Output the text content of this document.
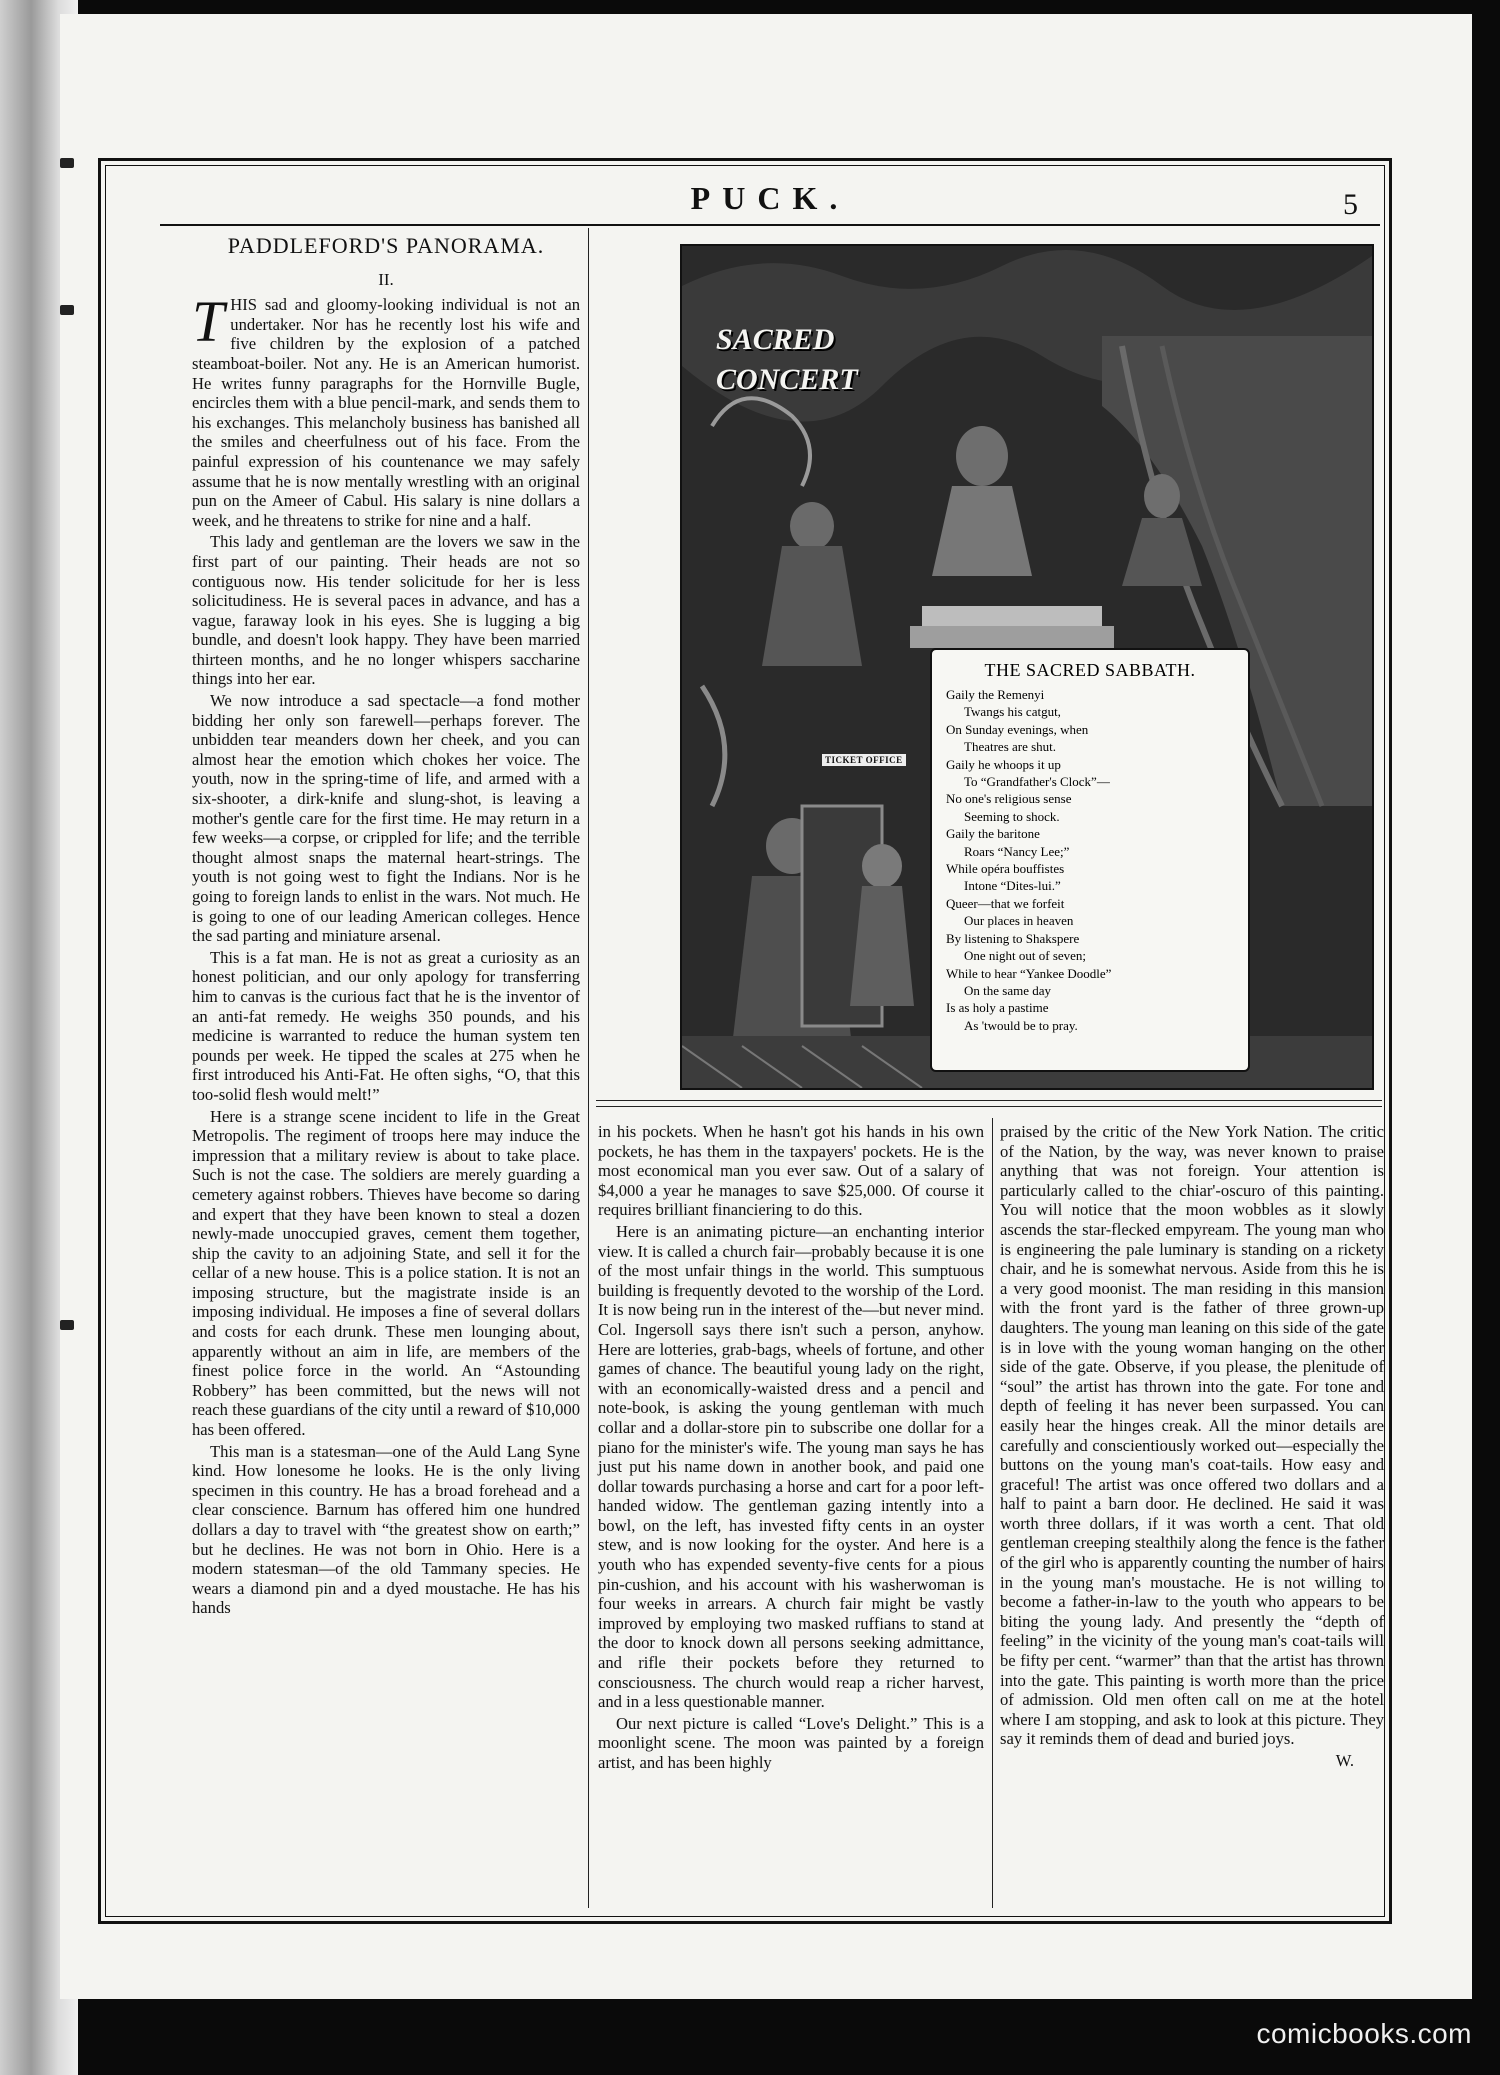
PUCK.	5
PADDLEFORD'S PANORAMA.
II.

THIS sad and gloomy-looking individual is not an undertaker. Nor has he recently lost his wife and five children by the explosion of a patched steamboat-boiler. Not any. He is an American humorist. He writes funny paragraphs for the Hornville Bugle, encircles them with a blue pencil-mark, and sends them to his exchanges. This melancholy business has banished all the smiles and cheerfulness out of his face. From the painful expression of his countenance we may safely assume that he is now mentally wrestling with an original pun on the Ameer of Cabul. His salary is nine dollars a week, and he threatens to strike for nine and a half.

This lady and gentleman are the lovers we saw in the first part of our painting. Their heads are not so contiguous now. His tender solicitude for her is less solicitudiness. He is several paces in advance, and has a vague, faraway look in his eyes. She is lugging a big bundle, and doesn't look happy. They have been married thirteen months, and he no longer whispers saccharine things into her ear.

We now introduce a sad spectacle—a fond mother bidding her only son farewell—perhaps forever. The unbidden tear meanders down her cheek, and you can almost hear the emotion which chokes her voice. The youth, now in the spring-time of life, and armed with a six-shooter, a dirk-knife and slung-shot, is leaving a mother's gentle care for the first time. He may return in a few weeks—a corpse, or crippled for life; and the terrible thought almost snaps the maternal heart-strings. The youth is not going west to fight the Indians. Nor is he going to foreign lands to enlist in the wars. Not much. He is going to one of our leading American colleges. Hence the sad parting and miniature arsenal.

This is a fat man. He is not as great a curiosity as an honest politician, and our only apology for transferring him to canvas is the curious fact that he is the inventor of an anti-fat remedy. He weighs 350 pounds, and his medicine is warranted to reduce the human system ten pounds per week. He tipped the scales at 275 when he first introduced his Anti-Fat. He often sighs, “O, that this too-solid flesh would melt!”

Here is a strange scene incident to life in the Great Metropolis. The regiment of troops here may induce the impression that a military review is about to take place. Such is not the case. The soldiers are merely guarding a cemetery against robbers. Thieves have become so daring and expert that they have been known to steal a dozen newly-made unoccupied graves, cement them together, ship the cavity to an adjoining State, and sell it for the cellar of a new house. This is a police station. It is not an imposing structure, but the magistrate inside is an imposing individual. He imposes a fine of several dollars and costs for each drunk. These men lounging about, apparently without an aim in life, are members of the finest police force in the world. An “Astounding Robbery” has been committed, but the news will not reach these guardians of the city until a reward of $10,000 has been offered.

This man is a statesman—one of the Auld Lang Syne kind. How lonesome he looks. He is the only living specimen in this country. He has a broad forehead and a clear conscience. Barnum has offered him one hundred dollars a day to travel with “the greatest show on earth;” but he declines. He was not born in Ohio. Here is a modern statesman—of the old Tammany species. He wears a diamond pin and a dyed moustache. He has his hands

SACRED
CONCERT
TICKET OFFICE
THE SACRED SABBATH.
Gaily the Remenyi
Twangs his catgut,
On Sunday evenings, when
Theatres are shut.
Gaily he whoops it up
To “Grandfather's Clock”—
No one's religious sense
Seeming to shock.
Gaily the baritone
Roars “Nancy Lee;”
While opéra bouffistes
Intone “Dites-lui.”
Queer—that we forfeit
Our places in heaven
By listening to Shakspere
One night out of seven;
While to hear “Yankee Doodle”
On the same day
Is as holy a pastime
As 'twould be to pray.

in his pockets. When he hasn't got his hands in his own pockets, he has them in the taxpayers' pockets. He is the most economical man you ever saw. Out of a salary of $4,000 a year he manages to save $25,000. Of course it requires brilliant financiering to do this.

Here is an animating picture—an enchanting interior view. It is called a church fair—probably because it is one of the most unfair things in the world. This sumptuous building is frequently devoted to the worship of the Lord. It is now being run in the interest of the—but never mind. Col. Ingersoll says there isn't such a person, anyhow. Here are lotteries, grab-bags, wheels of fortune, and other games of chance. The beautiful young lady on the right, with an economically-waisted dress and a pencil and note-book, is asking the young gentleman with much collar and a dollar-store pin to subscribe one dollar for a piano for the minister's wife. The young man says he has just put his name down in another book, and paid one dollar towards purchasing a horse and cart for a poor left-handed widow. The gentleman gazing intently into a bowl, on the left, has invested fifty cents in an oyster stew, and is now looking for the oyster. And here is a youth who has expended seventy-five cents for a pious pin-cushion, and his account with his washerwoman is four weeks in arrears. A church fair might be vastly improved by employing two masked ruffians to stand at the door to knock down all persons seeking admittance, and rifle their pockets before they returned to consciousness. The church would reap a richer harvest, and in a less questionable manner.

Our next picture is called “Love's Delight.” This is a moonlight scene. The moon was painted by a foreign artist, and has been highly

praised by the critic of the New York Nation. The critic of the Nation, by the way, was never known to praise anything that was not foreign. Your attention is particularly called to the chiar'-oscuro of this painting. You will notice that the moon wobbles as it slowly ascends the star-flecked empyream. The young man who is engineering the pale luminary is standing on a rickety chair, and he is somewhat nervous. Aside from this he is a very good moonist. The man residing in this mansion with the front yard is the father of three grown-up daughters. The young man leaning on this side of the gate is in love with the young woman hanging on the other side of the gate. Observe, if you please, the plenitude of “soul” the artist has thrown into the gate. For tone and depth of feeling it has never been surpassed. You can easily hear the hinges creak. All the minor details are carefully and conscientiously worked out—especially the buttons on the young man's coat-tails. How easy and graceful! The artist was once offered two dollars and a half to paint a barn door. He declined. He said it was worth three dollars, if it was worth a cent. That old gentleman creeping stealthily along the fence is the father of the girl who is apparently counting the number of hairs in the young man's moustache. He is not willing to become a father-in-law to the youth who appears to be biting the young lady. And presently the “depth of feeling” in the vicinity of the young man's coat-tails will be fifty per cent. “warmer” than that the artist has thrown into the gate. This painting is worth more than the price of admission. Old men often call on me at the hotel where I am stopping, and ask to look at this picture. They say it reminds them of dead and buried joys.

W.
comicbooks.com
